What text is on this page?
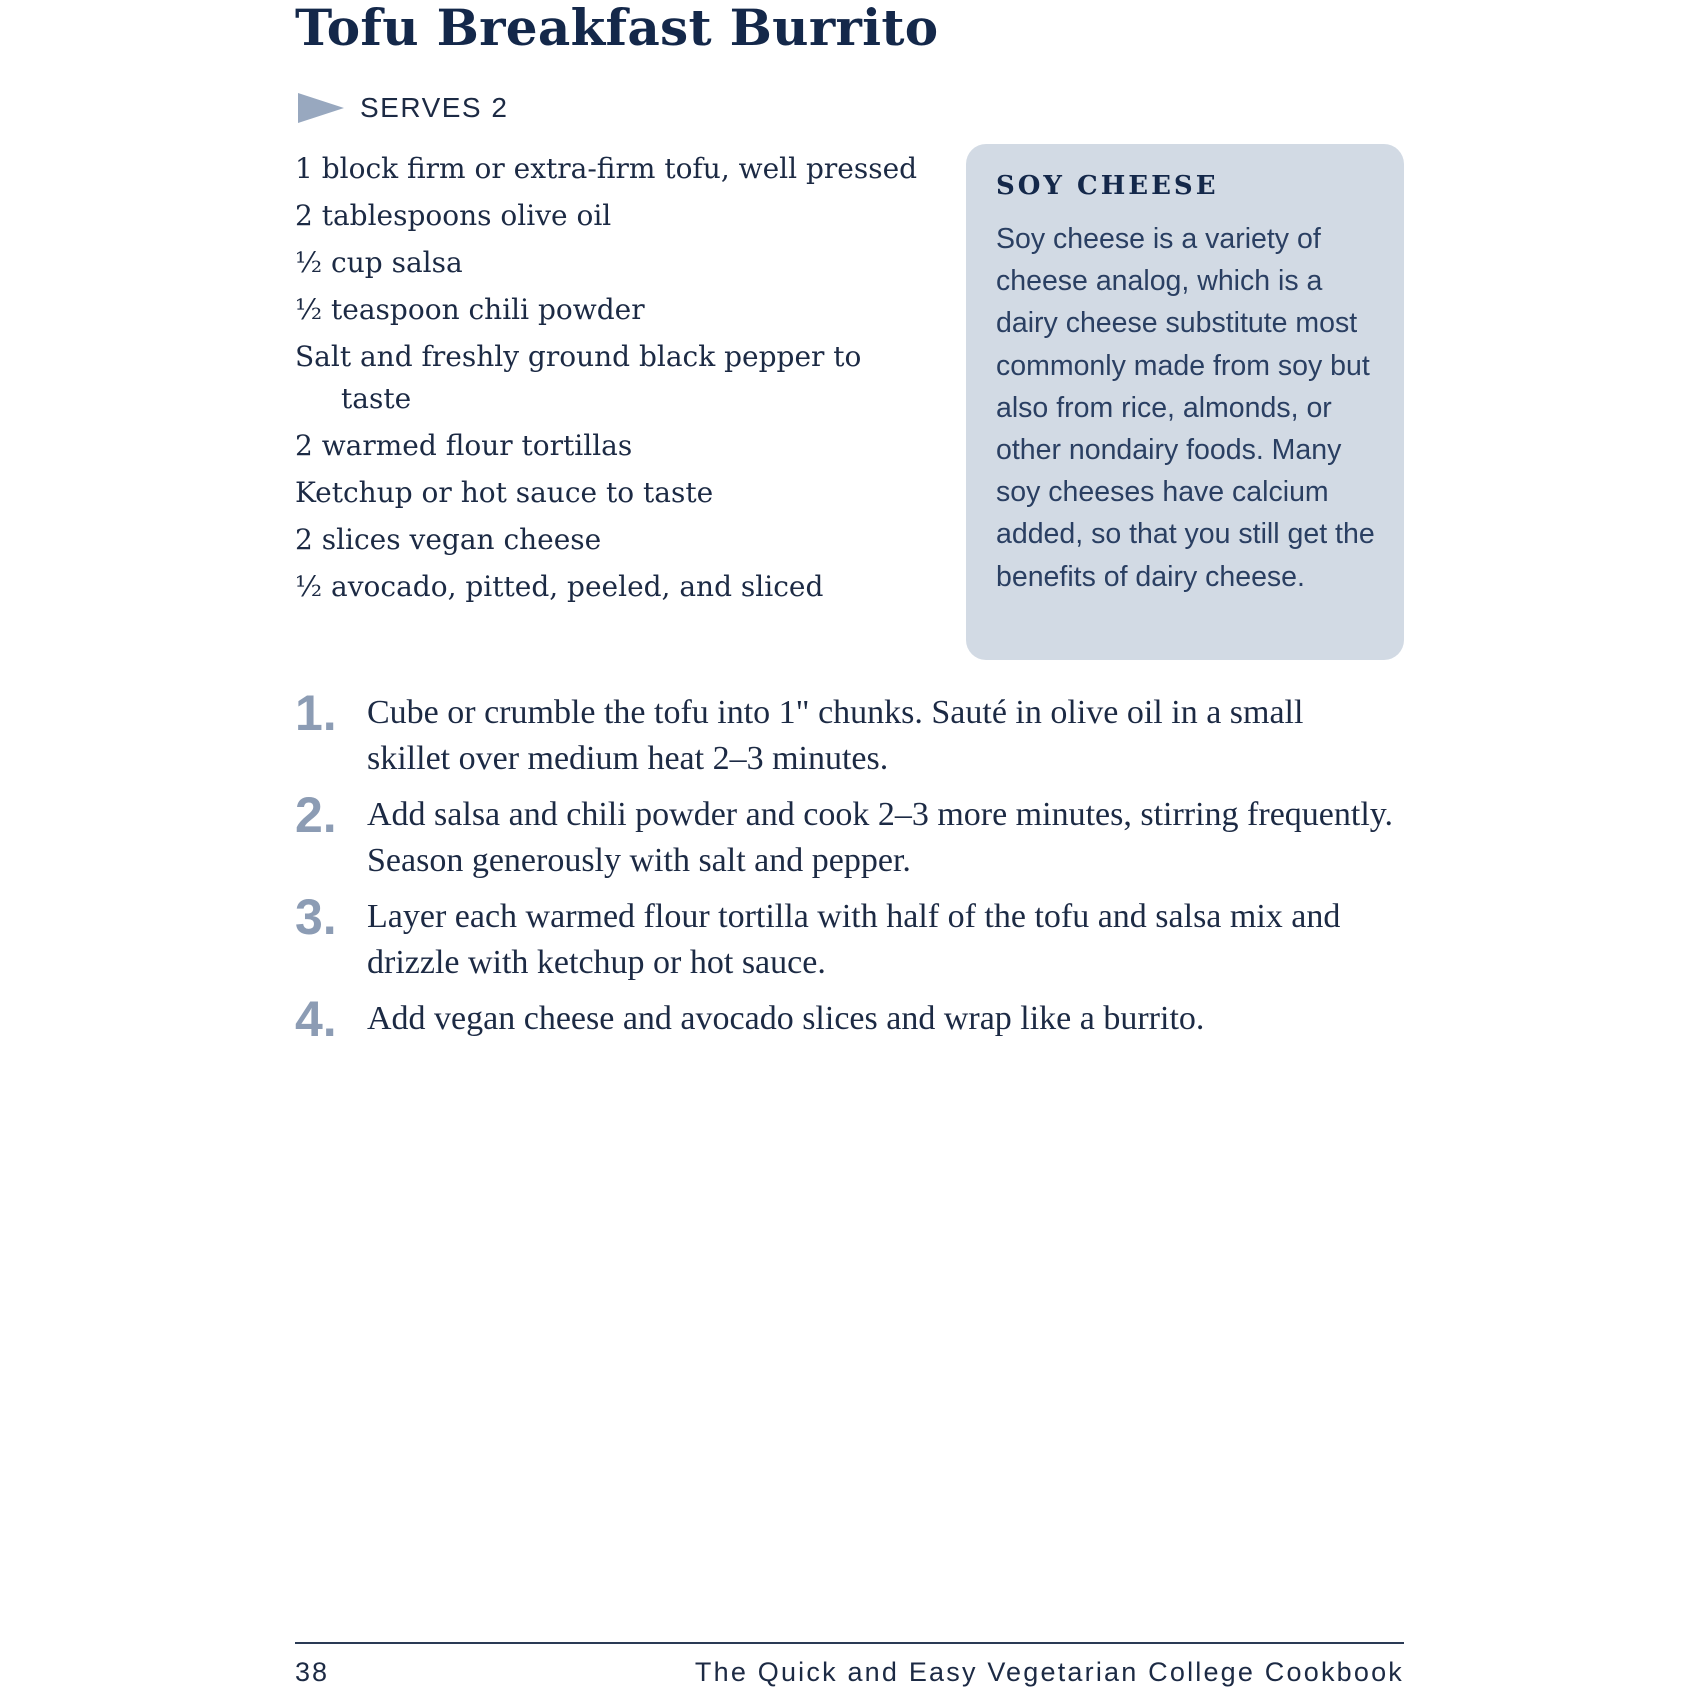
Tofu Breakfast Burrito
SERVES 2
1 block firm or extra-firm tofu, well pressed
2 tablespoons olive oil
½ cup salsa
½ teaspoon chili powder
Salt and freshly ground black pepper to taste
2 warmed flour tortillas
Ketchup or hot sauce to taste
2 slices vegan cheese
½ avocado, pitted, peeled, and sliced
SOY CHEESE

Soy cheese is a variety of cheese analog, which is a dairy cheese substitute most commonly made from soy but also from rice, almonds, or other nondairy foods. Many soy cheeses have calcium added, so that you still get the benefits of dairy cheese.

1. Cube or crumble the tofu into 1" chunks. Sauté in olive oil in a small skillet over medium heat 2–3 minutes.
2. Add salsa and chili powder and cook 2–3 more minutes, stirring frequently. Season generously with salt and pepper.
3. Layer each warmed flour tortilla with half of the tofu and salsa mix and drizzle with ketchup or hot sauce.
4. Add vegan cheese and avocado slices and wrap like a burrito.
38	The Quick and Easy Vegetarian College Cookbook
